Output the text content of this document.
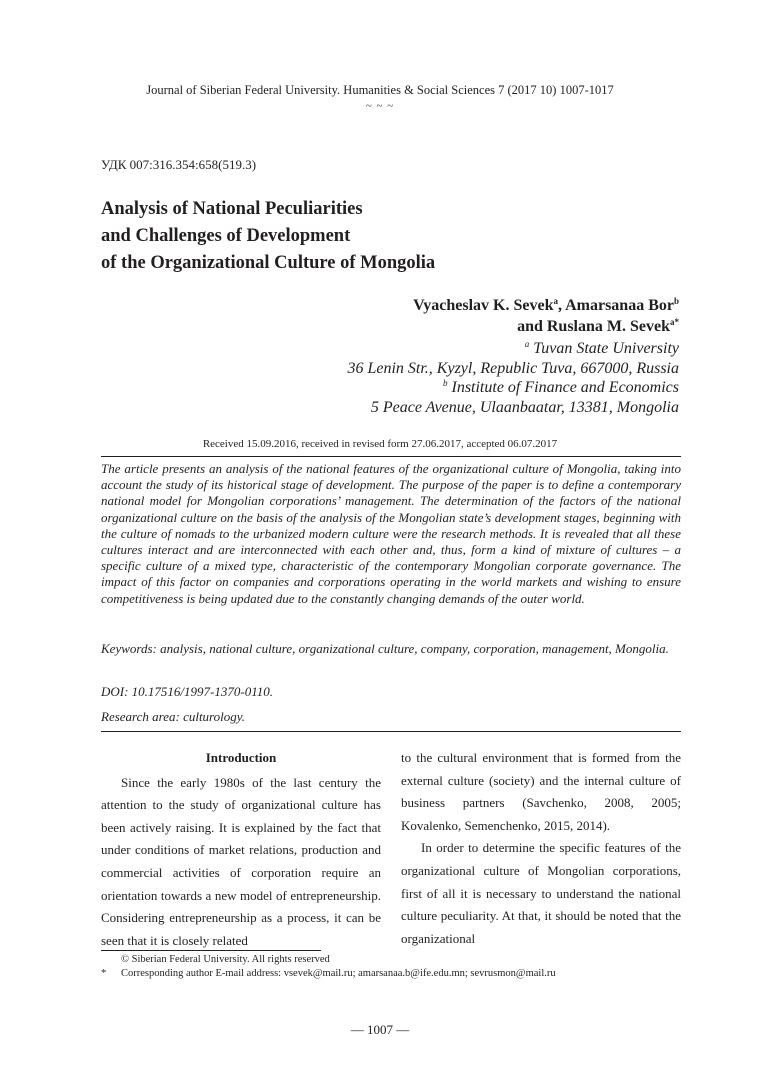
Journal of Siberian Federal University. Humanities & Social Sciences 7 (2017 10) 1007-1017
~ ~ ~
УДК 007:316.354:658(519.3)
Analysis of National Peculiarities
and Challenges of Development
of the Organizational Culture of Mongolia
Vyacheslav K. Sevek$^a$, Amarsanaa Bor$^b$
and Ruslana M. Sevek$^{a*}$
$^a$ Tuvan State University
36 Lenin Str., Kyzyl, Republic Tuva, 667000, Russia
$^b$ Institute of Finance and Economics
5 Peace Avenue, Ulaanbaatar, 13381, Mongolia
Received 15.09.2016, received in revised form 27.06.2017, accepted 06.07.2017
The article presents an analysis of the national features of the organizational culture of Mongolia, taking into account the study of its historical stage of development. The purpose of the paper is to define a contemporary national model for Mongolian corporations’ management. The determination of the factors of the national organizational culture on the basis of the analysis of the Mongolian state’s development stages, beginning with the culture of nomads to the urbanized modern culture were the research methods. It is revealed that all these cultures interact and are interconnected with each other and, thus, form a kind of mixture of cultures – a specific culture of a mixed type, characteristic of the contemporary Mongolian corporate governance. The impact of this factor on companies and corporations operating in the world markets and wishing to ensure competitiveness is being updated due to the constantly changing demands of the outer world.
Keywords: analysis, national culture, organizational culture, company, corporation, management, Mongolia.
DOI: 10.17516/1997-1370-0110.
Research area: culturology.

Introduction

Since the early 1980s of the last century the attention to the study of organizational culture has been actively raising. It is explained by the fact that under conditions of market relations, production and commercial activities of corporation require an orientation towards a new model of entrepreneurship. Considering entrepreneurship as a process, it can be seen that it is closely related

to the cultural environment that is formed from the external culture (society) and the internal culture of business partners (Savchenko, 2008, 2005; Kovalenko, Semenchenko, 2015, 2014).

In order to determine the specific features of the organizational culture of Mongolian corporations, first of all it is necessary to understand the national culture peculiarity. At that, it should be noted that the organizational

© Siberian Federal University. All rights reserved
* Corresponding author E-mail address: vsevek@mail.ru; amarsanaa.b@ife.edu.mn; sevrusmon@mail.ru
— 1007 —
